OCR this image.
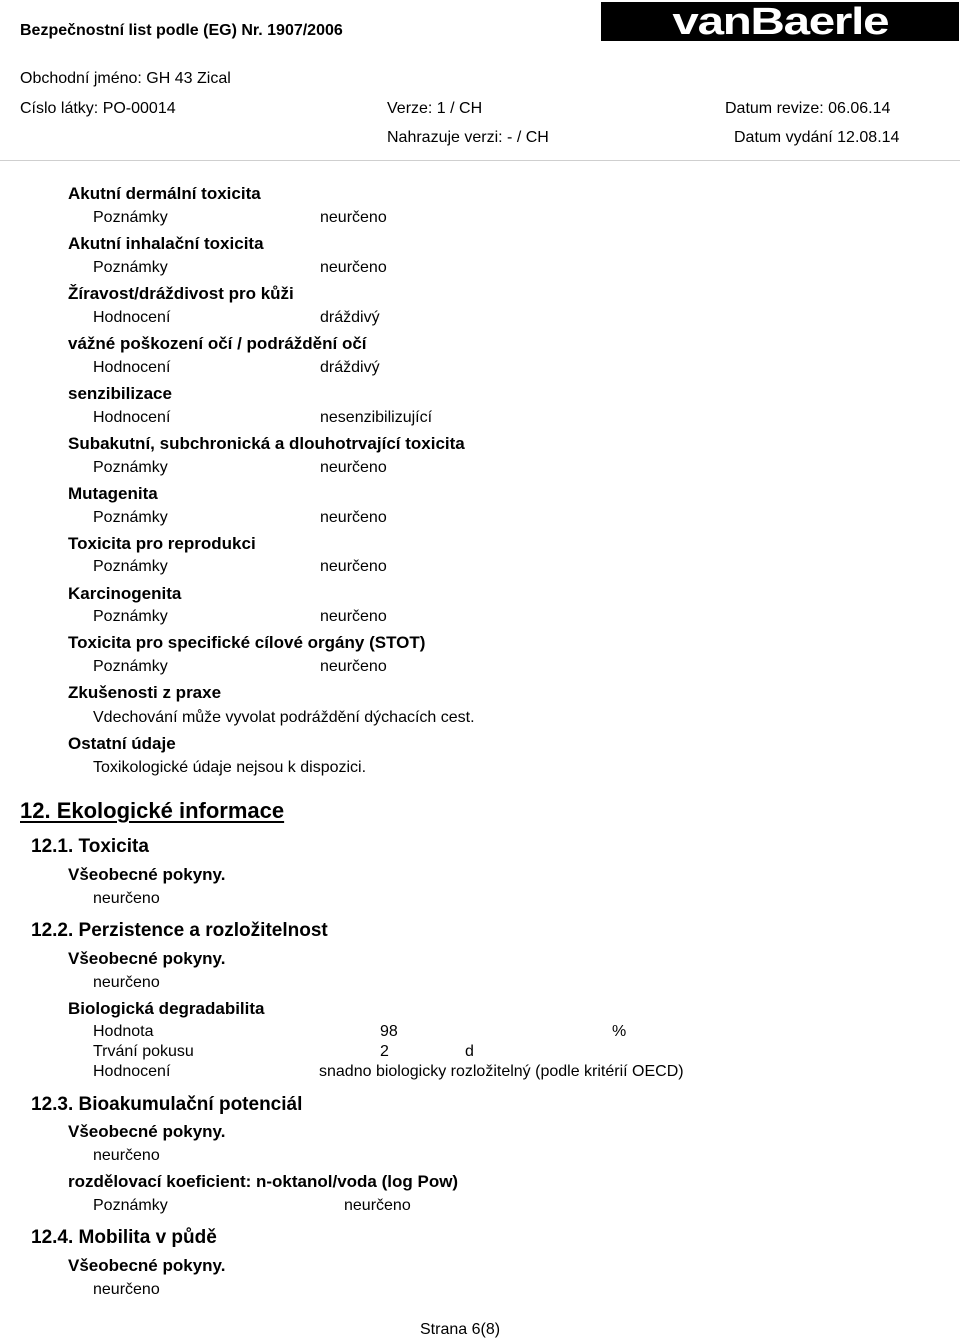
Bezpečnostní list podle (EG) Nr. 1907/2006	vanBaerle
Obchodní jméno: GH 43 Zical
Císlo látky: PO-00014	Verze: 1 / CH	Datum revize: 06.06.14
Nahrazuje verzi: - / CH	Datum vydání 12.08.14
Akutní dermální toxicita
Poznámky	neurčeno
Akutní inhalační toxicita
Poznámky	neurčeno
Žíravost/dráždivost pro kůži
Hodnocení	dráždivý
vážné poškození očí / podráždění očí
Hodnocení	dráždivý
senzibilizace
Hodnocení	nesenzibilizující
Subakutní, subchronická a dlouhotrvající toxicita
Poznámky	neurčeno
Mutagenita
Poznámky	neurčeno
Toxicita pro reprodukci
Poznámky	neurčeno
Karcinogenita
Poznámky	neurčeno
Toxicita pro specifické cílové orgány (STOT)
Poznámky	neurčeno
Zkušenosti z praxe
Vdechování může vyvolat podráždění dýchacích cest.
Ostatní údaje
Toxikologické údaje nejsou k dispozici.
12. Ekologické informace
12.1. Toxicita
Všeobecné pokyny.
neurčeno
12.2. Perzistence a rozložitelnost
Všeobecné pokyny.
neurčeno
Biologická degradabilita
Hodnota	98	%
Trvání pokusu	2	d
Hodnocení	snadno biologicky rozložitelný (podle kritérií OECD)
12.3. Bioakumulační potenciál
Všeobecné pokyny.
neurčeno
rozdělovací koeficient: n-oktanol/voda (log Pow)
Poznámky	neurčeno
12.4. Mobilita v půdě
Všeobecné pokyny.
neurčeno
Strana 6(8)
